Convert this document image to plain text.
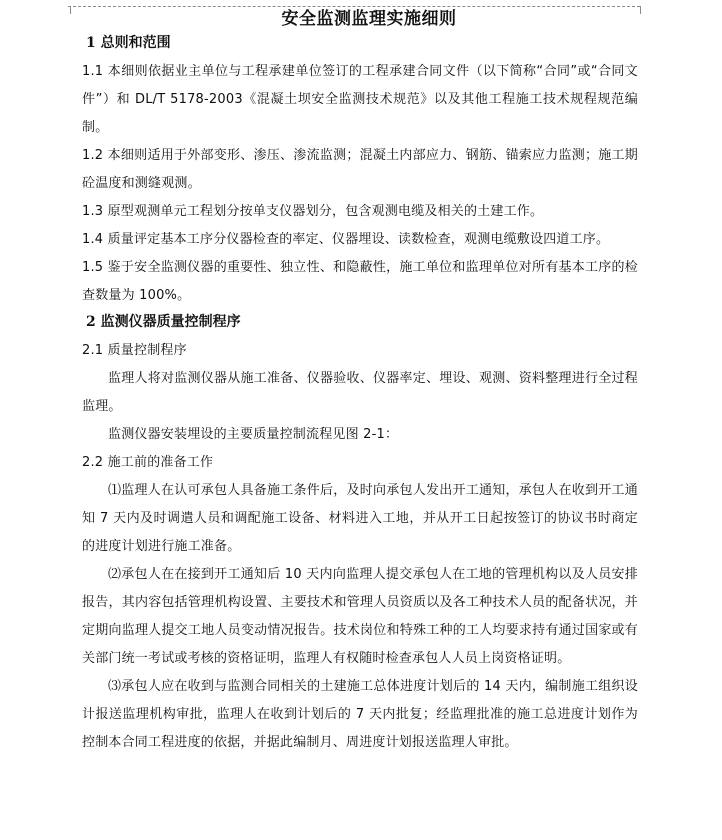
安全监测监理实施细则
1 总则和范围

1.1 本细则依据业主单位与工程承建单位签订的工程承建合同文件（以下简称“合同”或“合同文件”）和 DL/T 5178-2003《混凝土坝安全监测技术规范》以及其他工程施工技术规程规范编制。

1.2 本细则适用于外部变形、渗压、渗流监测；混凝土内部应力、钢筋、锚索应力监测；施工期砼温度和测缝观测。

1.3 原型观测单元工程划分按单支仪器划分，包含观测电缆及相关的土建工作。

1.4 质量评定基本工序分仪器检查的率定、仪器埋设、读数检查，观测电缆敷设四道工序。

1.5 鉴于安全监测仪器的重要性、独立性、和隐蔽性，施工单位和监理单位对所有基本工序的检查数量为 100%。

2 监测仪器质量控制程序

2.1 质量控制程序

监理人将对监测仪器从施工准备、仪器验收、仪器率定、埋设、观测、资料整理进行全过程监理。

监测仪器安装埋设的主要质量控制流程见图 2-1：

2.2 施工前的准备工作

⑴监理人在认可承包人具备施工条件后，及时向承包人发出开工通知，承包人在收到开工通知 7 天内及时调遣人员和调配施工设备、材料进入工地，并从开工日起按签订的协议书时商定的进度计划进行施工准备。

⑵承包人在在接到开工通知后 10 天内向监理人提交承包人在工地的管理机构以及人员安排报告，其内容包括管理机构设置、主要技术和管理人员资质以及各工种技术人员的配备状况，并定期向监理人提交工地人员变动情况报告。技术岗位和特殊工种的工人均要求持有通过国家或有关部门统一考试或考核的资格证明，监理人有权随时检查承包人人员上岗资格证明。

⑶承包人应在收到与监测合同相关的土建施工总体进度计划后的 14 天内，编制施工组织设计报送监理机构审批，监理人在收到计划后的 7 天内批复；经监理批准的施工总进度计划作为控制本合同工程进度的依据，并据此编制月、周进度计划报送监理人审批。
